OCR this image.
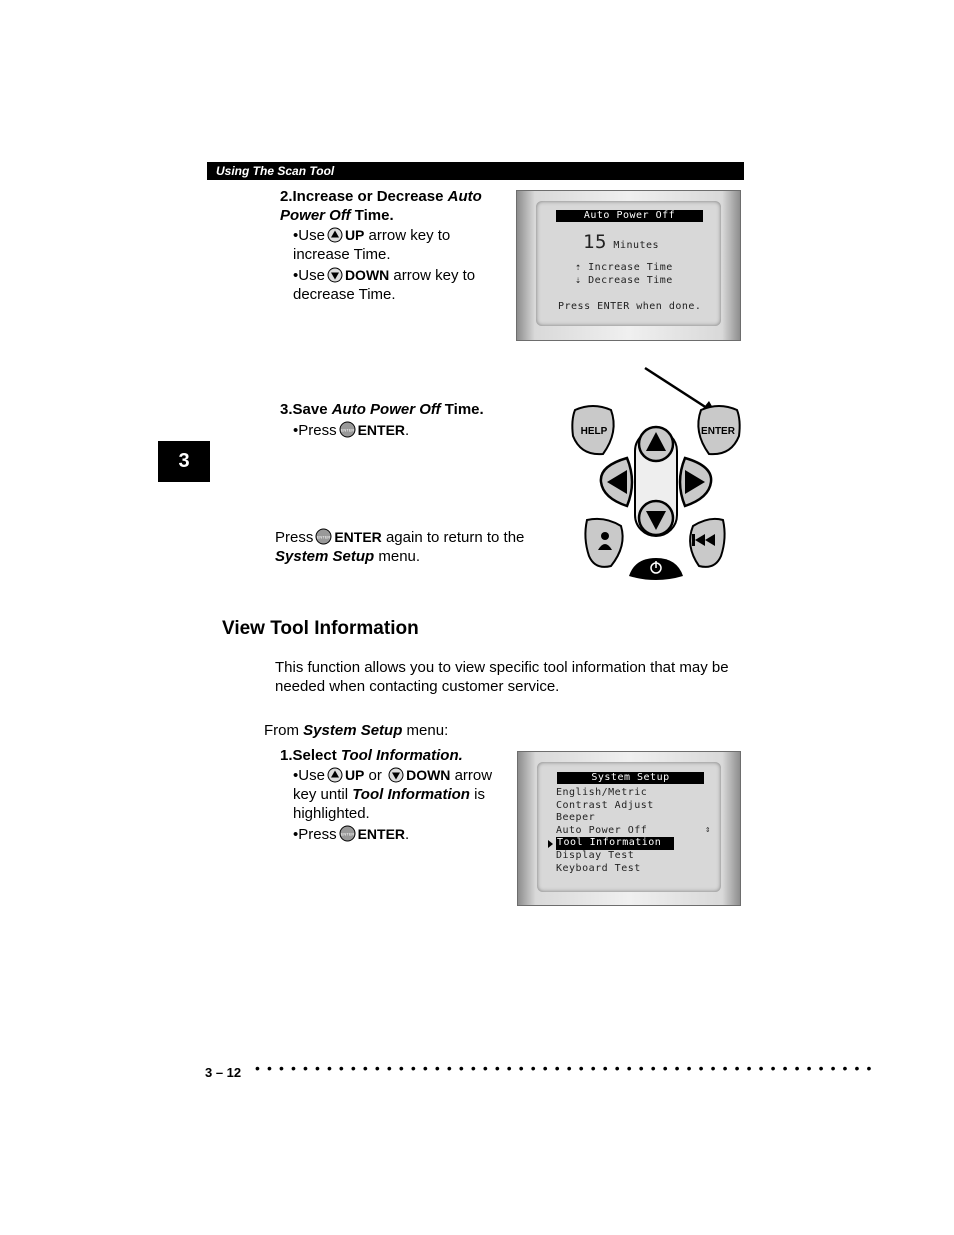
Using The Scan Tool
3
2.Increase or Decrease Auto Power Off Time.
•Use UP arrow key to increase Time.
•Use DOWN arrow key to decrease Time.
Auto Power Off
15 Minutes
⇡ Increase Time
⇣ Decrease Time
Press ENTER when done.
3.Save Auto Power Off Time.
•Press ENTER ENTER.	HELP	ENTER
Press ENTER ENTER again to return to the
System Setup menu.
View Tool Information
This function allows you to view specific tool information that may be needed when contacting customer service.
From System Setup menu:
1.Select Tool Information.
•Use UP or DOWN arrow key until Tool Information is highlighted.
•Press ENTER ENTER.
System Setup
English/Metric
Contrast Adjust
Beeper
Auto Power Off
Tool Information
Display Test
Keyboard Test
⇕
3 – 12 • • • • • • • • • • • • • • • • • • • • • • • • • • • • • • • • • • • • • • • • • • • • • • • • • • • •
